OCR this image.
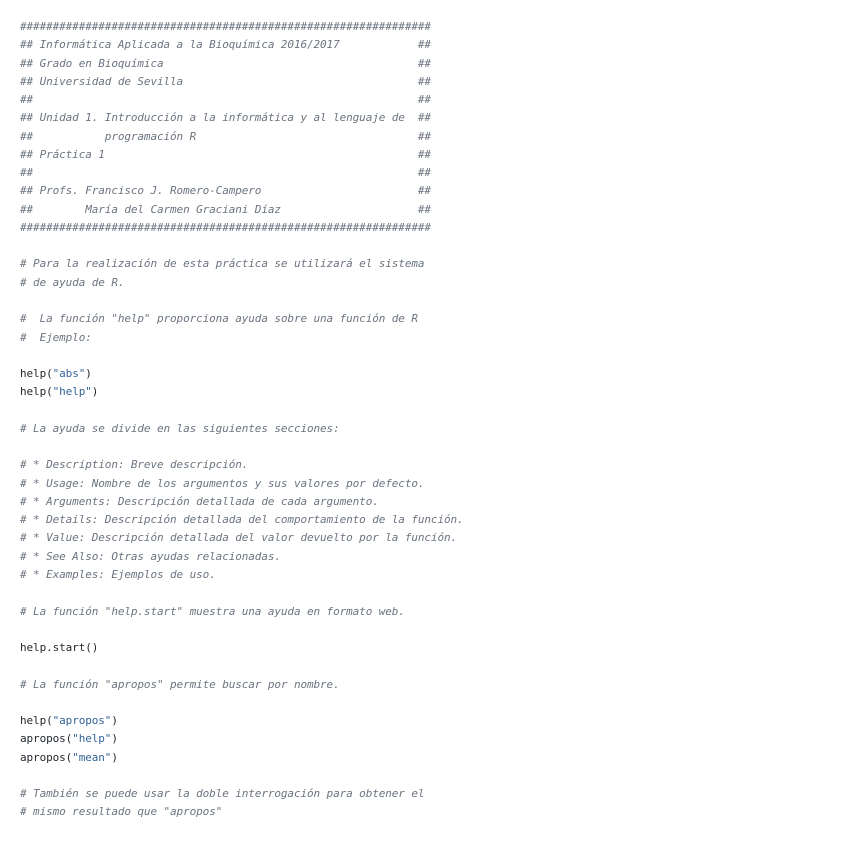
###############################################################
## Informática Aplicada a la Bioquímica 2016/2017            ##
## Grado en Bioquímica                                       ##
## Universidad de Sevilla                                    ##
##                                                           ##
## Unidad 1. Introducción a la informática y al lenguaje de  ##
##           programación R                                  ##
## Práctica 1                                                ##
##                                                           ##
## Profs. Francisco J. Romero-Campero                        ##
##        María del Carmen Graciani Díaz                     ##
###############################################################

# Para la realización de esta práctica se utilizará el sistema
# de ayuda de R.

#  La función "help" proporciona ayuda sobre una función de R
#  Ejemplo:

help("abs")
help("help")

# La ayuda se divide en las siguientes secciones:

# * Description: Breve descripción.
# * Usage: Nombre de los argumentos y sus valores por defecto.
# * Arguments: Descripción detallada de cada argumento.
# * Details: Descripción detallada del comportamiento de la función.
# * Value: Descripción detallada del valor devuelto por la función.
# * See Also: Otras ayudas relacionadas.
# * Examples: Ejemplos de uso.

# La función "help.start" muestra una ayuda en formato web.

help.start()

# La función "apropos" permite buscar por nombre.

help("apropos")
apropos("help")
apropos("mean")

# También se puede usar la doble interrogación para obtener el
# mismo resultado que "apropos"
